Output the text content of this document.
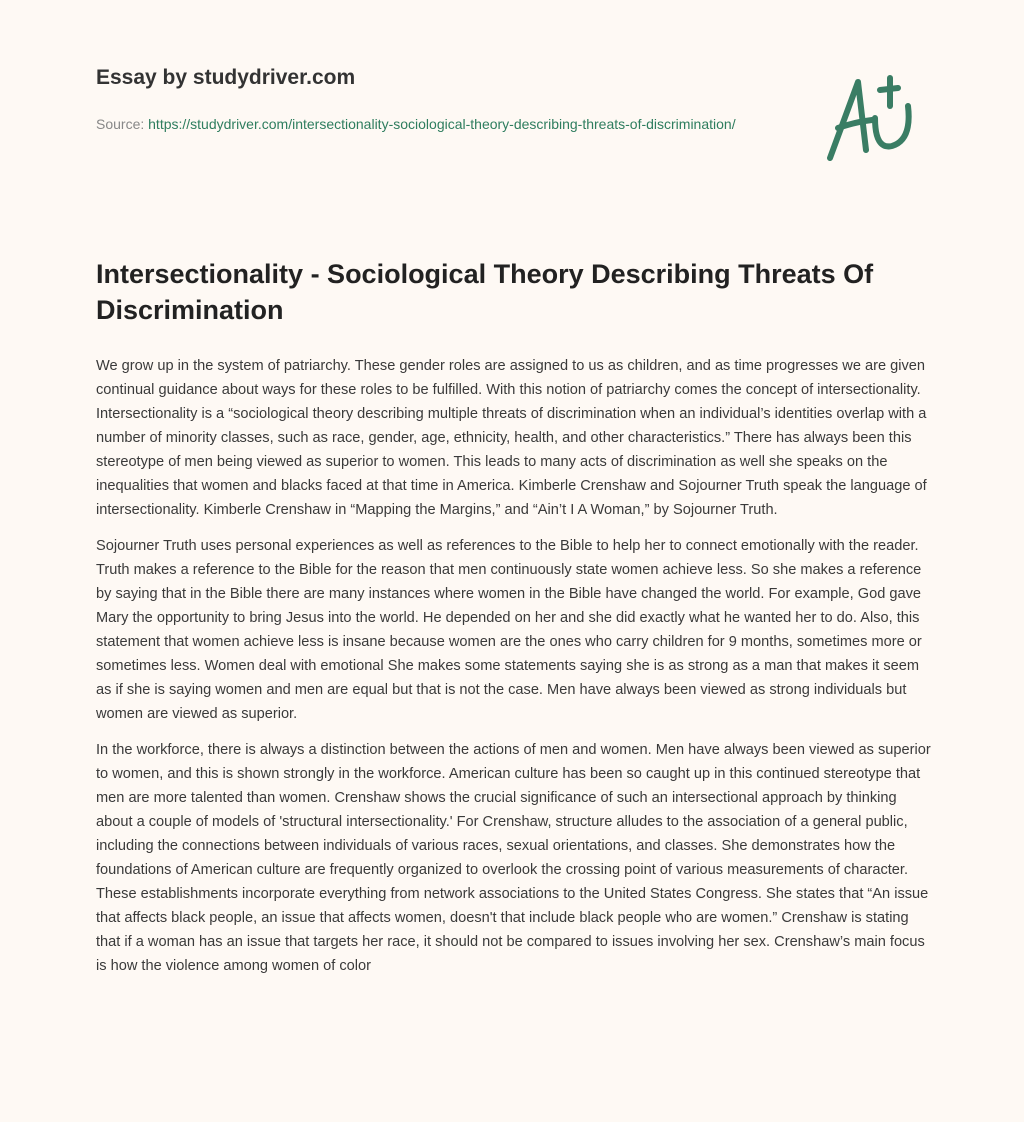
Essay by studydriver.com
Source: https://studydriver.com/intersectionality-sociological-theory-describing-threats-of-discrimination/
Intersectionality - Sociological Theory Describing Threats Of Discrimination

We grow up in the system of patriarchy. These gender roles are assigned to us as children, and as time progresses we are given continual guidance about ways for these roles to be fulfilled. With this notion of patriarchy comes the concept of intersectionality. Intersectionality is a “sociological theory describing multiple threats of discrimination when an individual’s identities overlap with a number of minority classes, such as race, gender, age, ethnicity, health, and other characteristics.” There has always been this stereotype of men being viewed as superior to women. This leads to many acts of discrimination as well she speaks on the inequalities that women and blacks faced at that time in America. Kimberle Crenshaw and Sojourner Truth speak the language of intersectionality. Kimberle Crenshaw in “Mapping the Margins,” and “Ain’t I A Woman,” by Sojourner Truth.

Sojourner Truth uses personal experiences as well as references to the Bible to help her to connect emotionally with the reader. Truth makes a reference to the Bible for the reason that men continuously state women achieve less. So she makes a reference by saying that in the Bible there are many instances where women in the Bible have changed the world. For example, God gave Mary the opportunity to bring Jesus into the world. He depended on her and she did exactly what he wanted her to do. Also, this statement that women achieve less is insane because women are the ones who carry children for 9 months, sometimes more or sometimes less. Women deal with emotional She makes some statements saying she is as strong as a man that makes it seem as if she is saying women and men are equal but that is not the case. Men have always been viewed as strong individuals but women are viewed as superior.

In the workforce, there is always a distinction between the actions of men and women. Men have always been viewed as superior to women, and this is shown strongly in the workforce. American culture has been so caught up in this continued stereotype that men are more talented than women. Crenshaw shows the crucial significance of such an intersectional approach by thinking about a couple of models of 'structural intersectionality.' For Crenshaw, structure alludes to the association of a general public, including the connections between individuals of various races, sexual orientations, and classes. She demonstrates how the foundations of American culture are frequently organized to overlook the crossing point of various measurements of character. These establishments incorporate everything from network associations to the United States Congress. She states that “An issue that affects black people, an issue that affects women, doesn't that include black people who are women.” Crenshaw is stating that if a woman has an issue that targets her race, it should not be compared to issues involving her sex. Crenshaw’s main focus is how the violence among women of color
